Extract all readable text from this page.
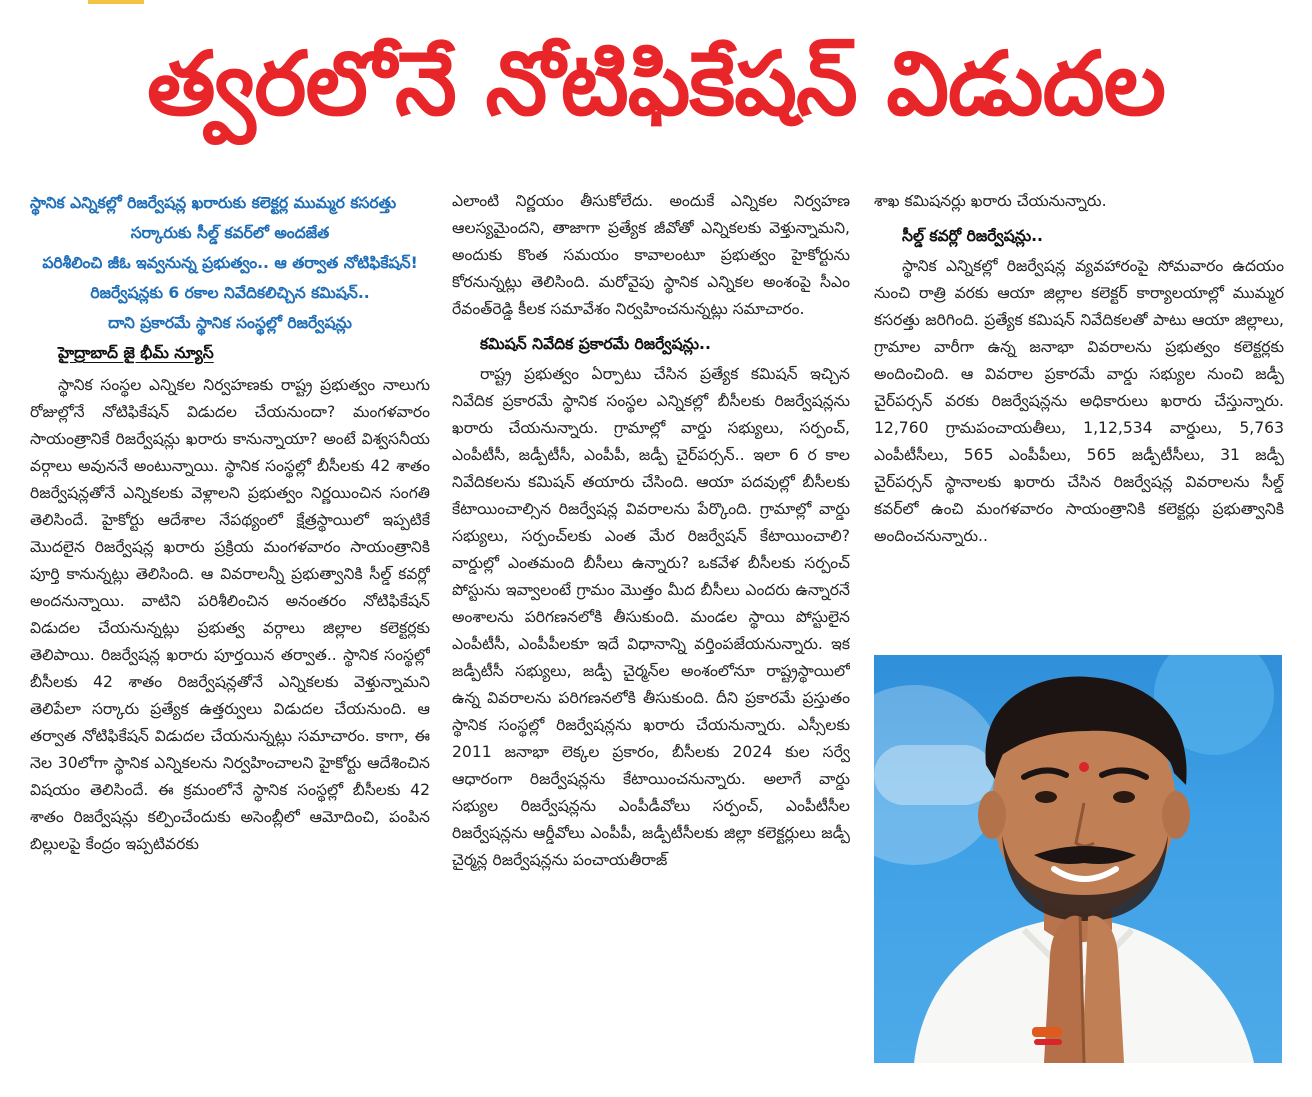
త్వరలోనే నోటిఫికేషన్ విడుదల

స్థానిక ఎన్నికల్లో రిజర్వేషన్ల ఖరారుకు కలెక్టర్ల ముమ్మర కసరత్తు

సర్కారుకు సీల్డ్ కవర్‌లో అందజేత

పరిశీలించి జీఓ ఇవ్వనున్న ప్రభుత్వం.. ఆ తర్వాత నోటిఫికేషన్!

రిజర్వేషన్లకు 6 రకాల నివేదికలిచ్చిన కమిషన్..

దాని ప్రకారమే స్థానిక సంస్థల్లో రిజర్వేషన్లు

హైద్రాబాద్ జై భీమ్ న్యూస్

స్థానిక సంస్థల ఎన్నికల నిర్వహణకు రాష్ట్ర ప్రభుత్వం నాలుగు రోజుల్లోనే నోటిఫికేషన్ విడుదల చేయనుందా? మంగళవారం సాయంత్రానికే రిజర్వేషన్లు ఖరారు కానున్నాయా? అంటే విశ్వసనీయ వర్గాలు అవుననే అంటున్నాయి. స్థానిక సంస్థల్లో బీసీలకు 42 శాతం రిజర్వేషన్లతోనే ఎన్నికలకు వెళ్లాలని ప్రభుత్వం నిర్ణయించిన సంగతి తెలిసిందే. హైకోర్టు ఆదేశాల నేపథ్యంలో క్షేత్రస్థాయిలో ఇప్పటికే మొదలైన రిజర్వేషన్ల ఖరారు ప్రక్రియ మంగళవారం సాయంత్రానికి పూర్తి కానున్నట్లు తెలిసింది. ఆ వివరాలన్నీ ప్రభుత్వానికి సీల్డ్ కవర్లో అందనున్నాయి. వాటిని పరిశీలించిన అనంతరం నోటిఫికేషన్ విడుదల చేయనున్నట్లు ప్రభుత్వ వర్గాలు జిల్లాల కలెక్టర్లకు తెలిపాయి. రిజర్వేషన్ల ఖరారు పూర్తయిన తర్వాత.. స్థానిక సంస్థల్లో బీసీలకు 42 శాతం రిజర్వేషన్లతోనే ఎన్నికలకు వెళ్తున్నామని తెలిపేలా సర్కారు ప్రత్యేక ఉత్తర్వులు విడుదల చేయనుంది. ఆ తర్వాత నోటిఫికేషన్ విడుదల చేయనున్నట్లు సమాచారం. కాగా, ఈ నెల 30లోగా స్థానిక ఎన్నికలను నిర్వహించాలని హైకోర్టు ఆదేశించిన విషయం తెలిసిందే. ఈ క్రమంలోనే స్థానిక సంస్థల్లో బీసీలకు 42 శాతం రిజర్వేషన్లు కల్పించేందుకు అసెంబ్లీలో ఆమోదించి, పంపిన బిల్లులపై కేంద్రం ఇప్పటివరకు

ఎలాంటి నిర్ణయం తీసుకోలేదు. అందుకే ఎన్నికల నిర్వహణ ఆలస్యమైందని, తాజాగా ప్రత్యేక జీవోతో ఎన్నికలకు వెళ్తున్నామని, అందుకు కొంత సమయం కావాలంటూ ప్రభుత్వం హైకోర్టును కోరనున్నట్లు తెలిసింది. మరోవైపు స్థానిక ఎన్నికల అంశంపై సీఎం రేవంత్‌రెడ్డి కీలక సమావేశం నిర్వహించనున్నట్లు సమాచారం.

కమిషన్ నివేదిక ప్రకారమే రిజర్వేషన్లు..

రాష్ట్ర ప్రభుత్వం ఏర్పాటు చేసిన ప్రత్యేక కమిషన్ ఇచ్చిన నివేదిక ప్రకారమే స్థానిక సంస్థల ఎన్నికల్లో బీసీలకు రిజర్వేషన్లను ఖరారు చేయనున్నారు. గ్రామాల్లో వార్డు సభ్యులు, సర్పంచ్, ఎంపీటీసీ, జడ్పీటీసీ, ఎంపీపీ, జడ్పీ చైర్‌పర్సన్.. ఇలా 6 ర కాల నివేదికలను కమిషన్ తయారు చేసింది. ఆయా పదవుల్లో బీసీలకు కేటాయించాల్సిన రిజర్వేషన్ల వివరాలను పేర్కొంది. గ్రామాల్లో వార్డు సభ్యులు, సర్పంచ్‌లకు ఎంత మేర రిజర్వేషన్ కేటాయించాలి? వార్డుల్లో ఎంతమంది బీసీలు ఉన్నారు? ఒకవేళ బీసీలకు సర్పంచ్ పోస్టును ఇవ్వాలంటే గ్రామం మొత్తం మీద బీసీలు ఎందరు ఉన్నారనే అంశాలను పరిగణనలోకి తీసుకుంది. మండల స్థాయి పోస్టులైన ఎంపీటీసీ, ఎంపీపీలకూ ఇదే విధానాన్ని వర్తింపజేయనున్నారు. ఇక జడ్పీటీసీ సభ్యులు, జడ్పీ చైర్మన్‌ల అంశంలోనూ రాష్ట్రస్థాయిలో ఉన్న వివరాలను పరిగణనలోకి తీసుకుంది. దీని ప్రకారమే ప్రస్తుతం స్థానిక సంస్థల్లో రిజర్వేషన్లను ఖరారు చేయనున్నారు. ఎస్సీలకు 2011 జనాభా లెక్కల ప్రకారం, బీసీలకు 2024 కుల సర్వే ఆధారంగా రిజర్వేషన్లను కేటాయించనున్నారు. అలాగే వార్డు సభ్యుల రిజర్వేషన్లను ఎంపీడీవోలు సర్పంచ్, ఎంపీటీసీల రిజర్వేషన్లను ఆర్డీవోలు ఎంపీపీ, జడ్పీటీసీలకు జిల్లా కలెక్టర్లులు జడ్పీ చైర్మన్ల రిజర్వేషన్లను పంచాయతీరాజ్

శాఖ కమిషనర్లు ఖరారు చేయనున్నారు.

సీల్డ్ కవర్లో రిజర్వేషన్లు..

స్థానిక ఎన్నికల్లో రిజర్వేషన్ల వ్యవహారంపై సోమవారం ఉదయం నుంచి రాత్రి వరకు ఆయా జిల్లాల కలెక్టర్ కార్యాలయాల్లో ముమ్మర కసరత్తు జరిగింది. ప్రత్యేక కమిషన్ నివేదికలతో పాటు ఆయా జిల్లాలు, గ్రామాల వారీగా ఉన్న జనాభా వివరాలను ప్రభుత్వం కలెక్టర్లకు అందించింది. ఆ వివరాల ప్రకారమే వార్డు సభ్యుల నుంచి జడ్పీ చైర్‌పర్సన్ వరకు రిజర్వేషన్లను అధికారులు ఖరారు చేస్తున్నారు. 12,760 గ్రామపంచాయతీలు, 1,12,534 వార్డులు, 5,763 ఎంపీటీసీలు, 565 ఎంపీపీలు, 565 జడ్పీటీసీలు, 31 జడ్పీ చైర్‌పర్సన్ స్థానాలకు ఖరారు చేసిన రిజర్వేషన్ల వివరాలను సీల్డ్ కవర్‌లో ఉంచి మంగళవారం సాయంత్రానికి కలెక్టర్లు ప్రభుత్వానికి అందించనున్నారు..
